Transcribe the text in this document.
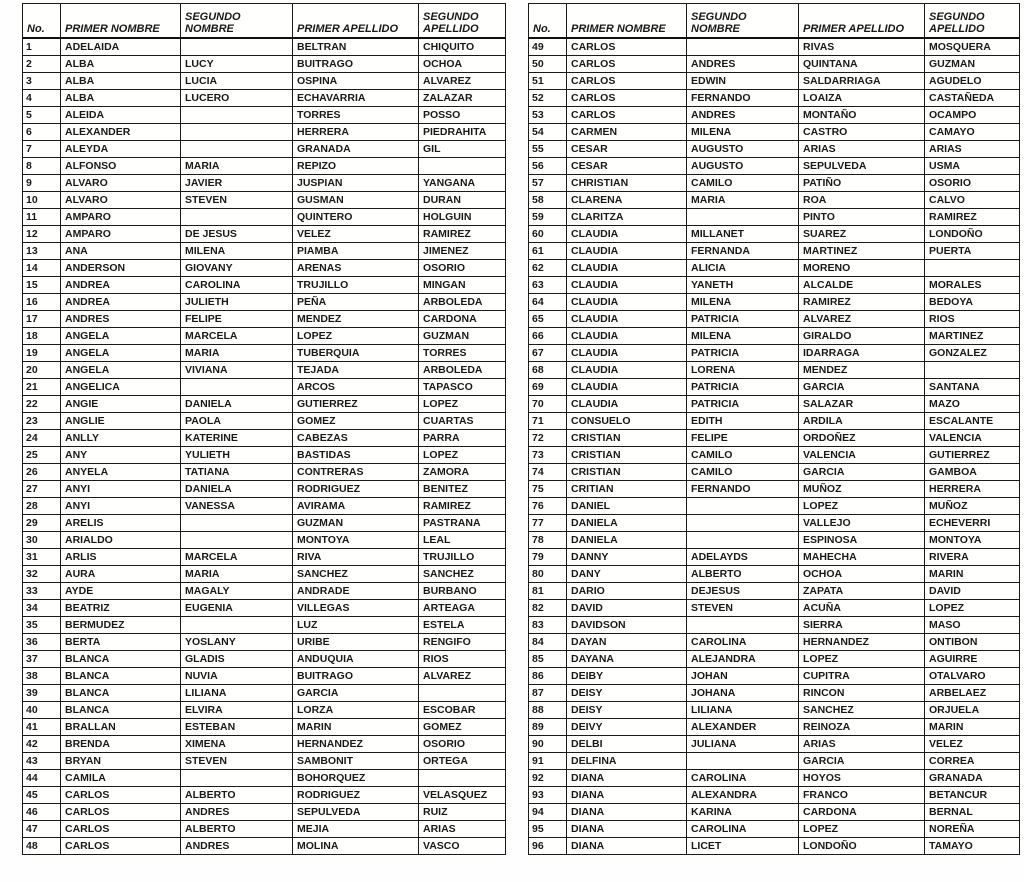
No.	PRIMER NOMBRE	SEGUNDO NOMBRE	PRIMER APELLIDO	SEGUNDO APELLIDO
1	ADELAIDA		BELTRAN	CHIQUITO
2	ALBA	LUCY	BUITRAGO	OCHOA
3	ALBA	LUCIA	OSPINA	ALVAREZ
4	ALBA	LUCERO	ECHAVARRIA	ZALAZAR
5	ALEIDA		TORRES	POSSO
6	ALEXANDER		HERRERA	PIEDRAHITA
7	ALEYDA		GRANADA	GIL
8	ALFONSO	MARIA	REPIZO	
9	ALVARO	JAVIER	JUSPIAN	YANGANA
10	ALVARO	STEVEN	GUSMAN	DURAN
11	AMPARO		QUINTERO	HOLGUIN
12	AMPARO	DE JESUS	VELEZ	RAMIREZ
13	ANA	MILENA	PIAMBA	JIMENEZ
14	ANDERSON	GIOVANY	ARENAS	OSORIO
15	ANDREA	CAROLINA	TRUJILLO	MINGAN
16	ANDREA	JULIETH	PEÑA	ARBOLEDA
17	ANDRES	FELIPE	MENDEZ	CARDONA
18	ANGELA	MARCELA	LOPEZ	GUZMAN
19	ANGELA	MARIA	TUBERQUIA	TORRES
20	ANGELA	VIVIANA	TEJADA	ARBOLEDA
21	ANGELICA		ARCOS	TAPASCO
22	ANGIE	DANIELA	GUTIERREZ	LOPEZ
23	ANGLIE	PAOLA	GOMEZ	CUARTAS
24	ANLLY	KATERINE	CABEZAS	PARRA
25	ANY	YULIETH	BASTIDAS	LOPEZ
26	ANYELA	TATIANA	CONTRERAS	ZAMORA
27	ANYI	DANIELA	RODRIGUEZ	BENITEZ
28	ANYI	VANESSA	AVIRAMA	RAMIREZ
29	ARELIS		GUZMAN	PASTRANA
30	ARIALDO		MONTOYA	LEAL
31	ARLIS	MARCELA	RIVA	TRUJILLO
32	AURA	MARIA	SANCHEZ	SANCHEZ
33	AYDE	MAGALY	ANDRADE	BURBANO
34	BEATRIZ	EUGENIA	VILLEGAS	ARTEAGA
35	BERMUDEZ		LUZ	ESTELA
36	BERTA	YOSLANY	URIBE	RENGIFO
37	BLANCA	GLADIS	ANDUQUIA	RIOS
38	BLANCA	NUVIA	BUITRAGO	ALVAREZ
39	BLANCA	LILIANA	GARCIA	
40	BLANCA	ELVIRA	LORZA	ESCOBAR
41	BRALLAN	ESTEBAN	MARIN	GOMEZ
42	BRENDA	XIMENA	HERNANDEZ	OSORIO
43	BRYAN	STEVEN	SAMBONIT	ORTEGA
44	CAMILA		BOHORQUEZ	
45	CARLOS	ALBERTO	RODRIGUEZ	VELASQUEZ
46	CARLOS	ANDRES	SEPULVEDA	RUIZ
47	CARLOS	ALBERTO	MEJIA	ARIAS
48	CARLOS	ANDRES	MOLINA	VASCO
No.	PRIMER NOMBRE	SEGUNDO NOMBRE	PRIMER APELLIDO	SEGUNDO APELLIDO
49	CARLOS		RIVAS	MOSQUERA
50	CARLOS	ANDRES	QUINTANA	GUZMAN
51	CARLOS	EDWIN	SALDARRIAGA	AGUDELO
52	CARLOS	FERNANDO	LOAIZA	CASTAÑEDA
53	CARLOS	ANDRES	MONTAÑO	OCAMPO
54	CARMEN	MILENA	CASTRO	CAMAYO
55	CESAR	AUGUSTO	ARIAS	ARIAS
56	CESAR	AUGUSTO	SEPULVEDA	USMA
57	CHRISTIAN	CAMILO	PATIÑO	OSORIO
58	CLARENA	MARIA	ROA	CALVO
59	CLARITZA		PINTO	RAMIREZ
60	CLAUDIA	MILLANET	SUAREZ	LONDOÑO
61	CLAUDIA	FERNANDA	MARTINEZ	PUERTA
62	CLAUDIA	ALICIA	MORENO	
63	CLAUDIA	YANETH	ALCALDE	MORALES
64	CLAUDIA	MILENA	RAMIREZ	BEDOYA
65	CLAUDIA	PATRICIA	ALVAREZ	RIOS
66	CLAUDIA	MILENA	GIRALDO	MARTINEZ
67	CLAUDIA	PATRICIA	IDARRAGA	GONZALEZ
68	CLAUDIA	LORENA	MENDEZ	
69	CLAUDIA	PATRICIA	GARCIA	SANTANA
70	CLAUDIA	PATRICIA	SALAZAR	MAZO
71	CONSUELO	EDITH	ARDILA	ESCALANTE
72	CRISTIAN	FELIPE	ORDOÑEZ	VALENCIA
73	CRISTIAN	CAMILO	VALENCIA	GUTIERREZ
74	CRISTIAN	CAMILO	GARCIA	GAMBOA
75	CRITIAN	FERNANDO	MUÑOZ	HERRERA
76	DANIEL		LOPEZ	MUÑOZ
77	DANIELA		VALLEJO	ECHEVERRI
78	DANIELA		ESPINOSA	MONTOYA
79	DANNY	ADELAYDS	MAHECHA	RIVERA
80	DANY	ALBERTO	OCHOA	MARIN
81	DARIO	DEJESUS	ZAPATA	DAVID
82	DAVID	STEVEN	ACUÑA	LOPEZ
83	DAVIDSON		SIERRA	MASO
84	DAYAN	CAROLINA	HERNANDEZ	ONTIBON
85	DAYANA	ALEJANDRA	LOPEZ	AGUIRRE
86	DEIBY	JOHAN	CUPITRA	OTALVARO
87	DEISY	JOHANA	RINCON	ARBELAEZ
88	DEISY	LILIANA	SANCHEZ	ORJUELA
89	DEIVY	ALEXANDER	REINOZA	MARIN
90	DELBI	JULIANA	ARIAS	VELEZ
91	DELFINA		GARCIA	CORREA
92	DIANA	CAROLINA	HOYOS	GRANADA
93	DIANA	ALEXANDRA	FRANCO	BETANCUR
94	DIANA	KARINA	CARDONA	BERNAL
95	DIANA	CAROLINA	LOPEZ	NOREÑA
96	DIANA	LICET	LONDOÑO	TAMAYO
